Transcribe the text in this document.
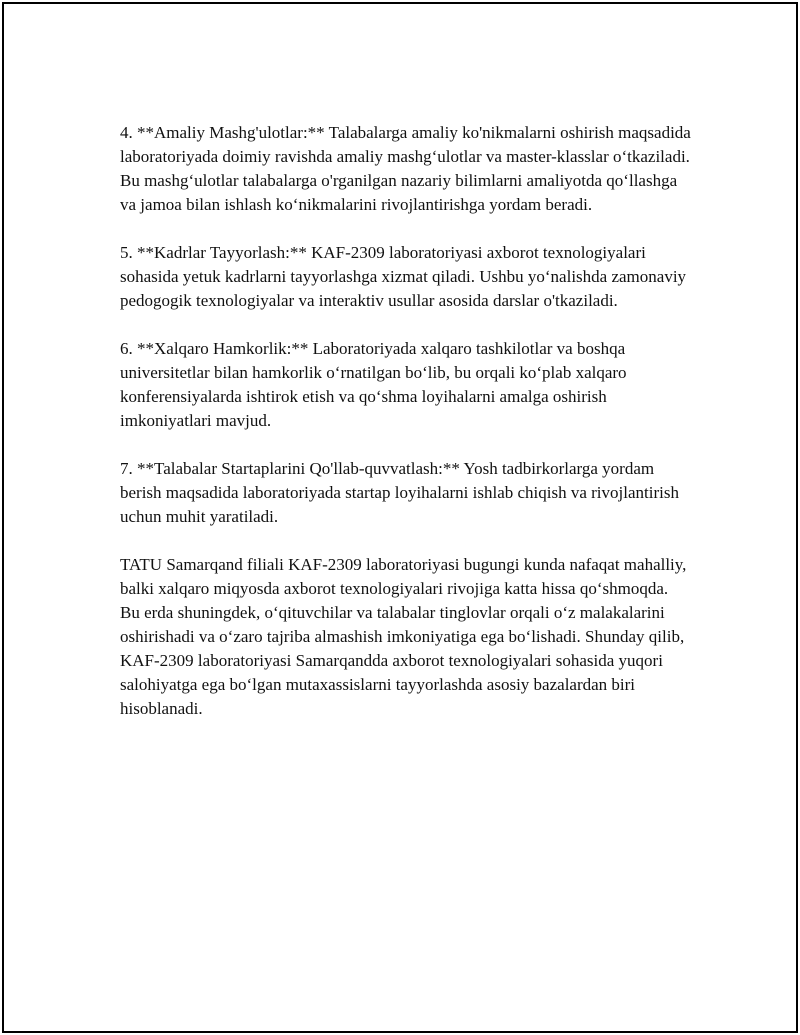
4. **Amaliy Mashg'ulotlar:** Talabalarga amaliy ko'nikmalarni oshirish maqsadida laboratoriyada doimiy ravishda amaliy mashg‘ulotlar va master-klasslar o‘tkaziladi. Bu mashg‘ulotlar talabalarga o'rganilgan nazariy bilimlarni amaliyotda qo‘llashga va jamoa bilan ishlash ko‘nikmalarini rivojlantirishga yordam beradi.

5. **Kadrlar Tayyorlash:** KAF-2309 laboratoriyasi axborot texnologiyalari sohasida yetuk kadrlarni tayyorlashga xizmat qiladi. Ushbu yo‘nalishda zamonaviy pedogogik texnologiyalar va interaktiv usullar asosida darslar o'tkaziladi.

6. **Xalqaro Hamkorlik:** Laboratoriyada xalqaro tashkilotlar va boshqa universitetlar bilan hamkorlik o‘rnatilgan bo‘lib, bu orqali ko‘plab xalqaro konferensiyalarda ishtirok etish va qo‘shma loyihalarni amalga oshirish imkoniyatlari mavjud.

7. **Talabalar Startaplarini Qo'llab-quvvatlash:** Yosh tadbirkorlarga yordam berish maqsadida laboratoriyada startap loyihalarni ishlab chiqish va rivojlantirish uchun muhit yaratiladi.

TATU Samarqand filiali KAF-2309 laboratoriyasi bugungi kunda nafaqat mahalliy, balki xalqaro miqyosda axborot texnologiyalari rivojiga katta hissa qo‘shmoqda. Bu erda shuningdek, o‘qituvchilar va talabalar tinglovlar orqali o‘z malakalarini oshirishadi va o‘zaro tajriba almashish imkoniyatiga ega bo‘lishadi. Shunday qilib, KAF-2309 laboratoriyasi Samarqandda axborot texnologiyalari sohasida yuqori salohiyatga ega bo‘lgan mutaxassislarni tayyorlashda asosiy bazalardan biri hisoblanadi.
